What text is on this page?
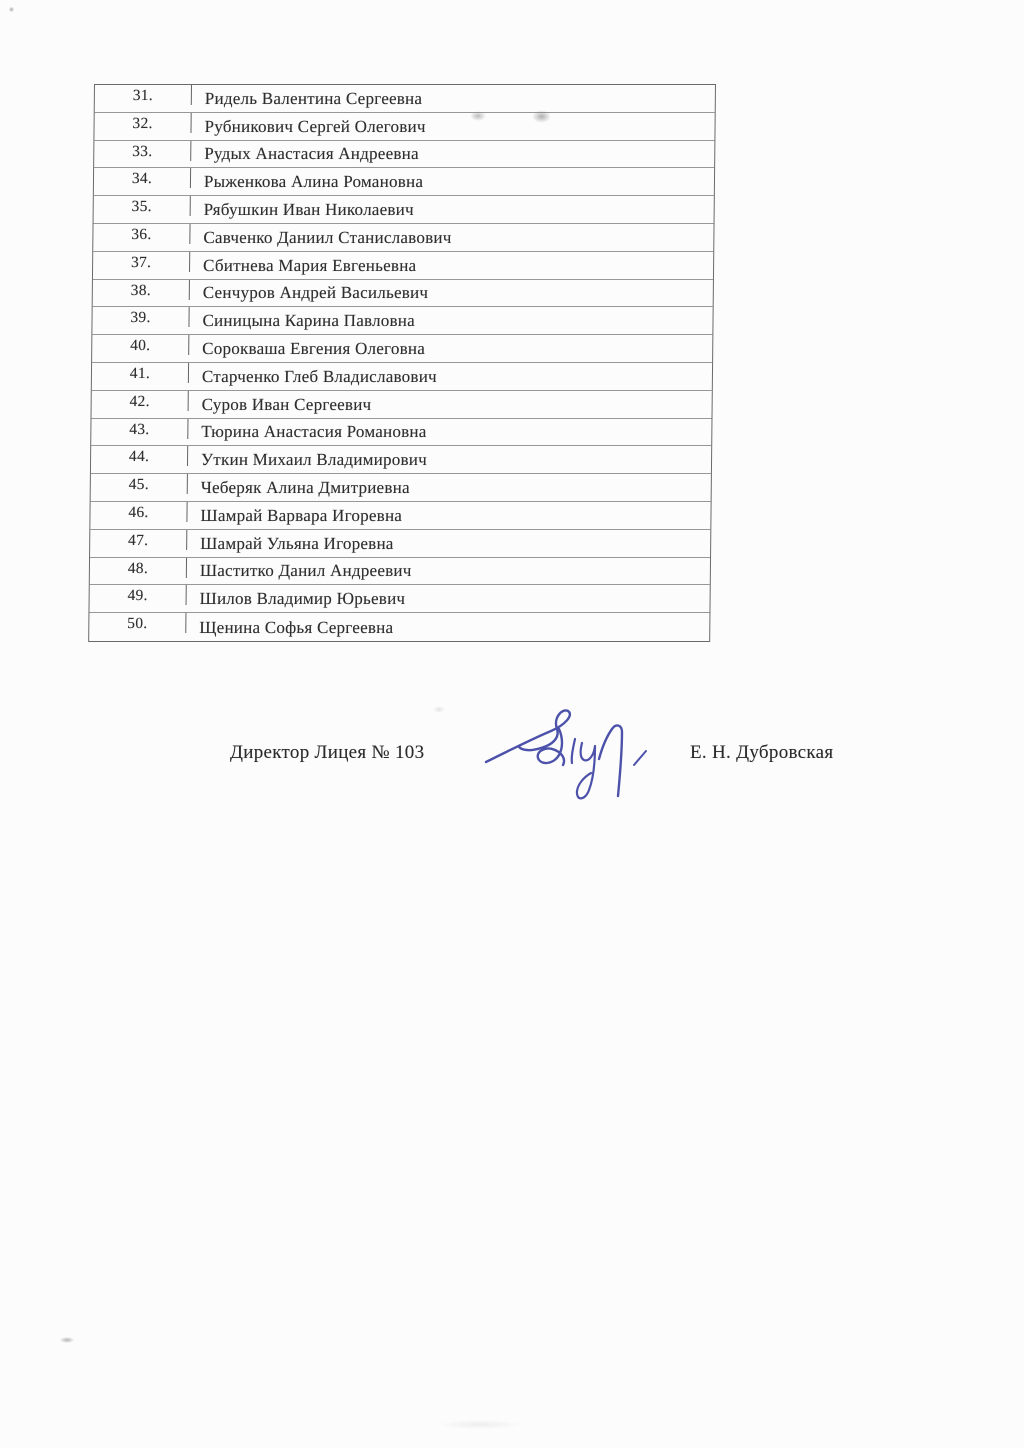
31.	Ридель Валентина Сергеевна
32.	Рубникович Сергей Олегович
33.	Рудых Анастасия Андреевна
34.	Рыженкова Алина Романовна
35.	Рябушкин Иван Николаевич
36.	Савченко Даниил Станиславович
37.	Сбитнева Мария Евгеньевна
38.	Сенчуров Андрей Васильевич
39.	Синицына Карина Павловна
40.	Сорокваша Евгения Олеговна
41.	Старченко Глеб Владиславович
42.	Суров Иван Сергеевич
43.	Тюрина Анастасия Романовна
44.	Уткин Михаил Владимирович
45.	Чеберяк Алина Дмитриевна
46.	Шамрай Варвара Игоревна
47.	Шамрай Ульяна Игоревна
48.	Шаститко Данил Андреевич
49.	Шилов Владимир Юрьевич
50.	Щенина Софья Сергеевна
Директор Лицея № 103	Е. Н. Дубровская
